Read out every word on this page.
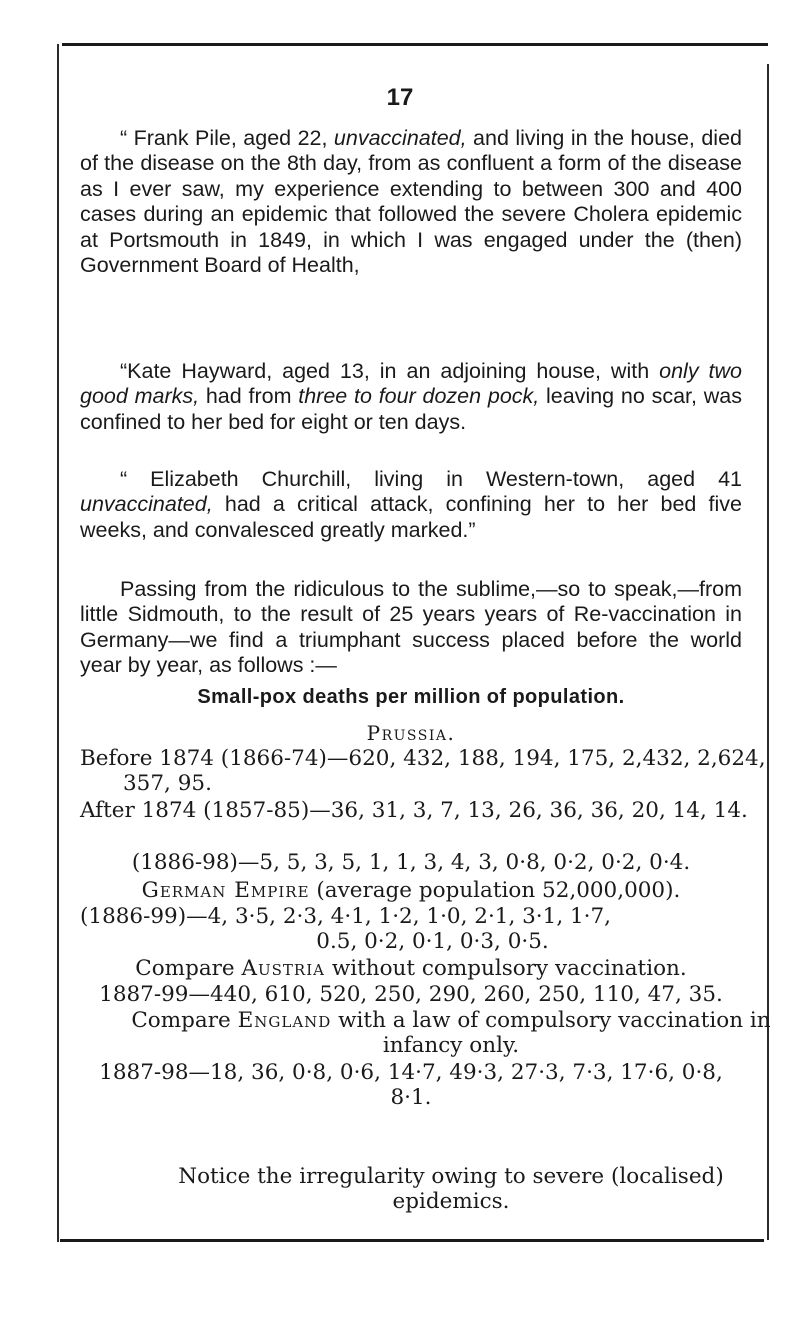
17

“ Frank Pile, aged 22, unvaccinated, and living in the house, died of the disease on the 8th day, from as confluent a form of the disease as I ever saw, my experience extending to between 300 and 400 cases during an epidemic that followed the severe Cholera epidemic at Portsmouth in 1849, in which I was engaged under the (then) Government Board of Health,

“Kate Hayward, aged 13, in an adjoining house, with only two good marks, had from three to four dozen pock, leaving no scar, was confined to her bed for eight or ten days.

“ Elizabeth Churchill, living in Western-town, aged 41 unvaccinated, had a critical attack, confining her to her bed five weeks, and convalesced greatly marked.”

Passing from the ridiculous to the sublime,—so to speak,—from little Sidmouth, to the result of 25 years years of Re-vaccination in Germany—we find a triumphant success placed before the world year by year, as follows :—

Small-pox deaths per million of population.

Prussia.

Before 1874 (1866-74)—620, 432, 188, 194, 175, 2,432, 2,624, 357, 95.

After 1874 (1857-85)—36, 31, 3, 7, 13, 26, 36, 36, 20, 14, 14.

(1886-98)—5, 5, 3, 5, 1, 1, 3, 4, 3, 0·8, 0·2, 0·2, 0·4.

German Empire (average population 52,000,000).

(1886-99)—4, 3·5, 2·3, 4·1, 1·2, 1·0, 2·1, 3·1, 1·7,

0.5, 0·2, 0·1, 0·3, 0·5.

Compare Austria without compulsory vaccination.

1887-99—440, 610, 520, 250, 290, 260, 250, 110, 47, 35.

Compare England with a law of compulsory vaccination in infancy only.

1887-98—18, 36, 0·8, 0·6, 14·7, 49·3, 27·3, 7·3, 17·6, 0·8, 8·1.

Notice the irregularity owing to severe (localised) epidemics.
